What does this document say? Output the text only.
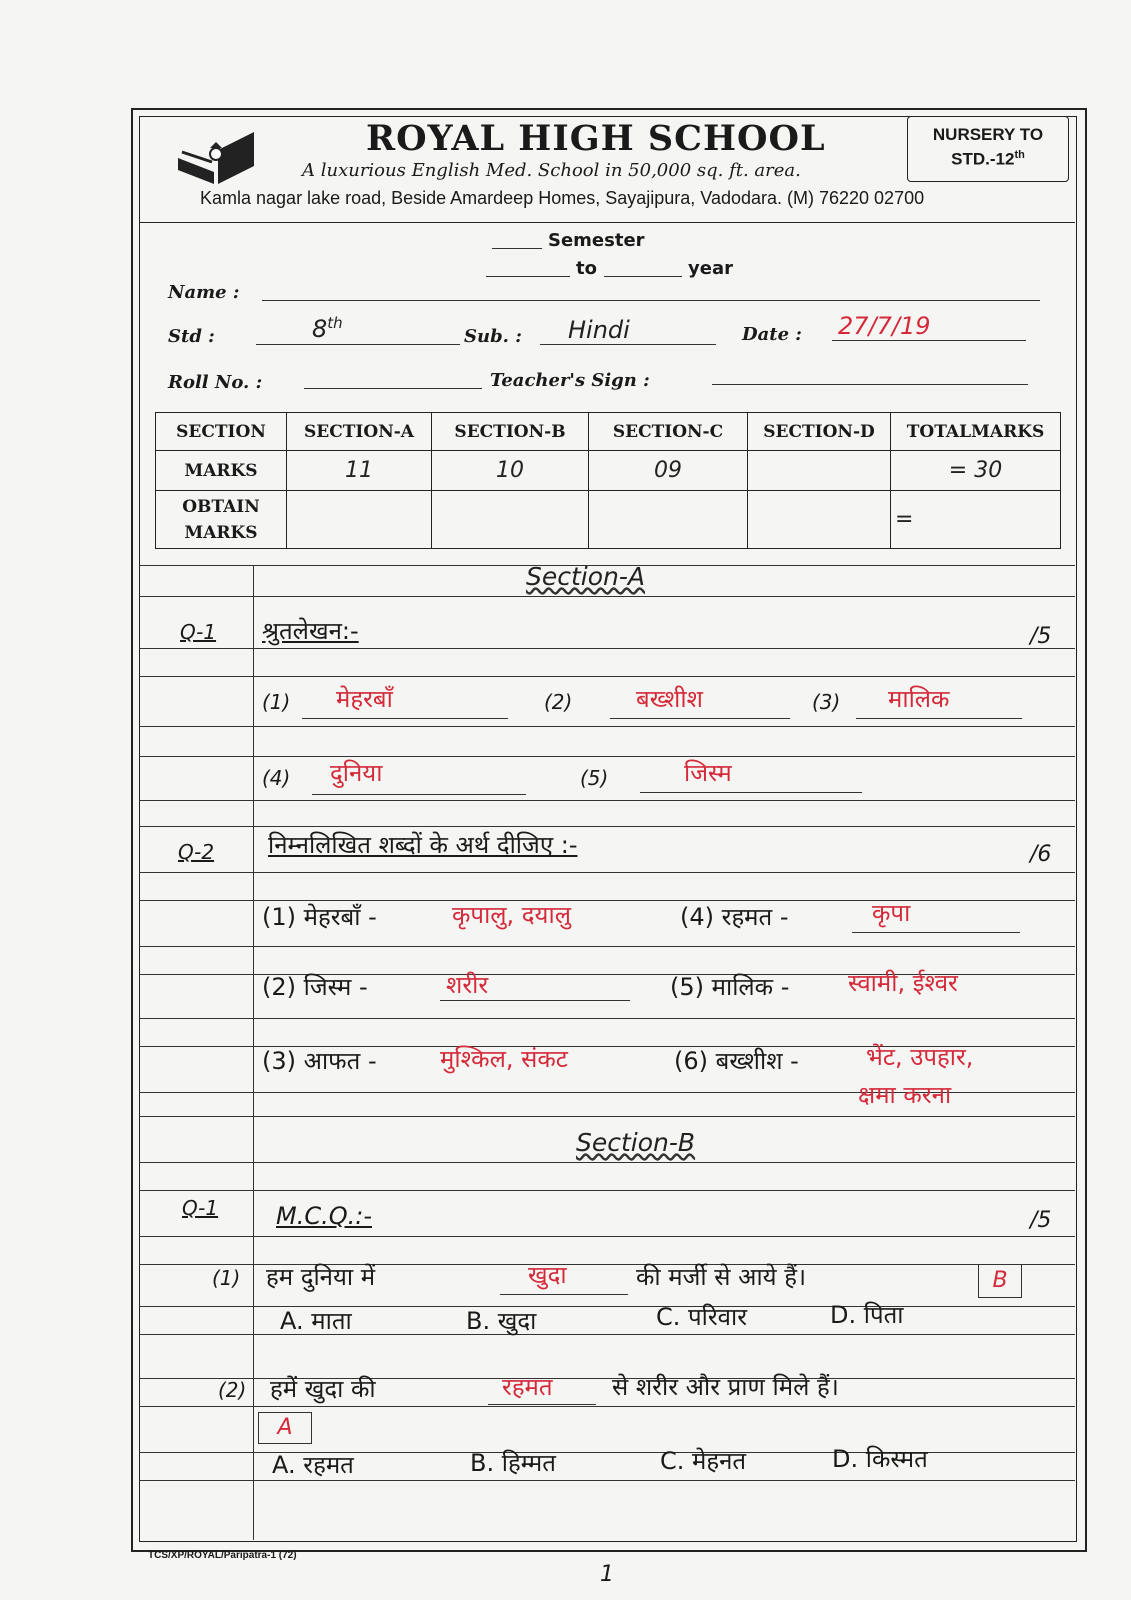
ROYAL HIGH SCHOOL
A luxurious English Med. School in 50,000 sq. ft. area.
Kamla nagar lake road, Beside Amardeep Homes, Sayajipura, Vadodara. (M) 76220 02700
NURSERY TO
STD.-12th
Semester
to	year
Name :
Std :	8th
Sub. : Hindi	Date : 27/7/19
Roll No. :	Teacher's Sign :
SECTION	SECTION-A	SECTION-B	SECTION-C	SECTION-D	TOTALMARKS
MARKS	11	10	09		= 30
OBTAIN
MARKS					=
Section-A
Q-1 श्रुतलेखन:-	/5
(1) मेहरबाँ	(2)	बख्शीश	(3) मालिक
(4) दुनिया	(5)	जिस्म
Q-2 निम्नलिखित शब्दों के अर्थ दीजिए :-	/6
(1) मेहरबाँ -	कृपालु, दयालु	(4) रहमत -	कृपा
(2) जिस्म -	शरीर	(5) मालिक - स्वामी, ईश्वर
(3) आफत -	मुश्किल, संकट	(6) बख्शीश -	भेंट, उपहार,
क्षमा करना
Section-B
Q-1 M.C.Q.:-	/5
(1) हम दुनिया में	खुदा	की मर्जी से आये हैं।	B
A. माता	B. खुदा	C. परिवार	D. पिता
(2) हमें खुदा की	रहमत से शरीर और प्राण मिले हैं।
A
A. रहमत	B. हिम्मत	C. मेहनत	D. किस्मत
TCS/XP/ROYAL/Paripatra-1 (72)
1
